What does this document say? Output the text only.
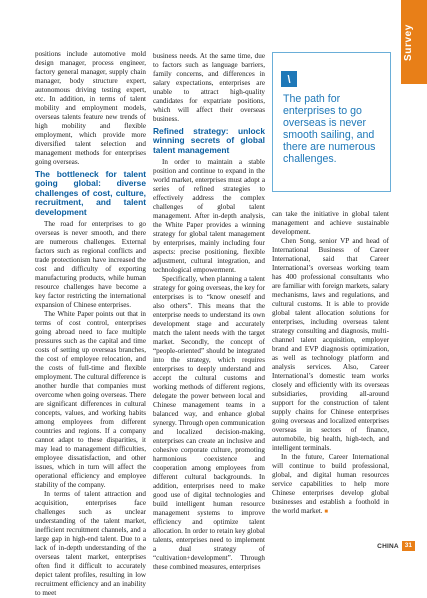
Survey

positions include automotive mold design manager, process engineer, factory general manager, supply chain manager, body structure expert, autonomous driving testing expert, etc. In addition, in terms of talent mobility and employment models, overseas talents feature new trends of high mobility and flexible employment, which provide more diversified talent selection and management methods for enterprises going overseas.

The bottleneck for talent going global: diverse challenges of cost, culture, recruitment, and talent development

The road for enterprises to go overseas is never smooth, and there are numerous challenges. External factors such as regional conflicts and trade protectionism have increased the cost and difficulty of exporting manufacturing products, while human resource challenges have become a key factor restricting the international expansion of Chinese enterprises.

The White Paper points out that in terms of cost control, enterprises going abroad need to face multiple pressures such as the capital and time costs of setting up overseas branches, the cost of employee relocation, and the costs of full-time and flexible employment. The cultural difference is another hurdle that companies must overcome when going overseas. There are significant differences in cultural concepts, values, and working habits among employees from different countries and regions. If a company cannot adapt to these disparities, it may lead to management difficulties, employee dissatisfaction, and other issues, which in turn will affect the operational efficiency and employee stability of the company.

In terms of talent attraction and acquisition, enterprises face challenges such as unclear understanding of the talent market, inefficient recruitment channels, and a large gap in high-end talent. Due to a lack of in-depth understanding of the overseas talent market, enterprises often find it difficult to accurately depict talent profiles, resulting in low recruitment efficiency and an inability to meet

business needs. At the same time, due to factors such as language barriers, family concerns, and differences in salary expectations, enterprises are unable to attract high-quality candidates for expatriate positions, which will affect their overseas business.

Refined strategy: unlock winning secrets of global talent management

In order to maintain a stable position and continue to expand in the world market, enterprises must adopt a series of refined strategies to effectively address the complex challenges of global talent management. After in-depth analysis, the White Paper provides a winning strategy for global talent management by enterprises, mainly including four aspects: precise positioning, flexible adjustment, cultural integration, and technological empowerment.

Specifically, when planning a talent strategy for going overseas, the key for enterprises is to “know oneself and also others”. This means that the enterprise needs to understand its own development stage and accurately match the talent needs with the target market. Secondly, the concept of “people-oriented” should be integrated into the strategy, which requires enterprises to deeply understand and accept the cultural customs and working methods of different regions, delegate the power between local and Chinese management teams in a balanced way, and enhance global synergy. Through open communication and localized decision-making, enterprises can create an inclusive and cohesive corporate culture, promoting harmonious coexistence and cooperation among employees from different cultural backgrounds. In addition, enterprises need to make good use of digital technologies and build intelligent human resource management systems to improve efficiency and optimize talent allocation. In order to retain key global talents, enterprises need to implement a dual strategy of “cultivation+development”. Through these combined measures, enterprises

\
The path for enterprises to go overseas is never smooth sailing, and there are numerous challenges.

can take the initiative in global talent management and achieve sustainable development.

Chen Song, senior VP and head of International Business of Career International, said that Career International’s overseas working team has 400 professional consultants who are familiar with foreign markets, salary mechanisms, laws and regulations, and cultural customs. It is able to provide global talent allocation solutions for enterprises, including overseas talent strategy consulting and diagnosis, multi-channel talent acquisition, employer brand and EVP diagnosis optimization, as well as technology platform and analysis services. Also, Career International’s domestic team works closely and efficiently with its overseas subsidiaries, providing all-around support for the construction of talent supply chains for Chinese enterprises going overseas and localized enterprises overseas in sectors of finance, automobile, big health, high-tech, and intelligent terminals.

In the future, Career International will continue to build professional, global, and digital human resources service capabilities to help more Chinese enterprises develop global businesses and establish a foothold in the world market. ■

CHINA 31
